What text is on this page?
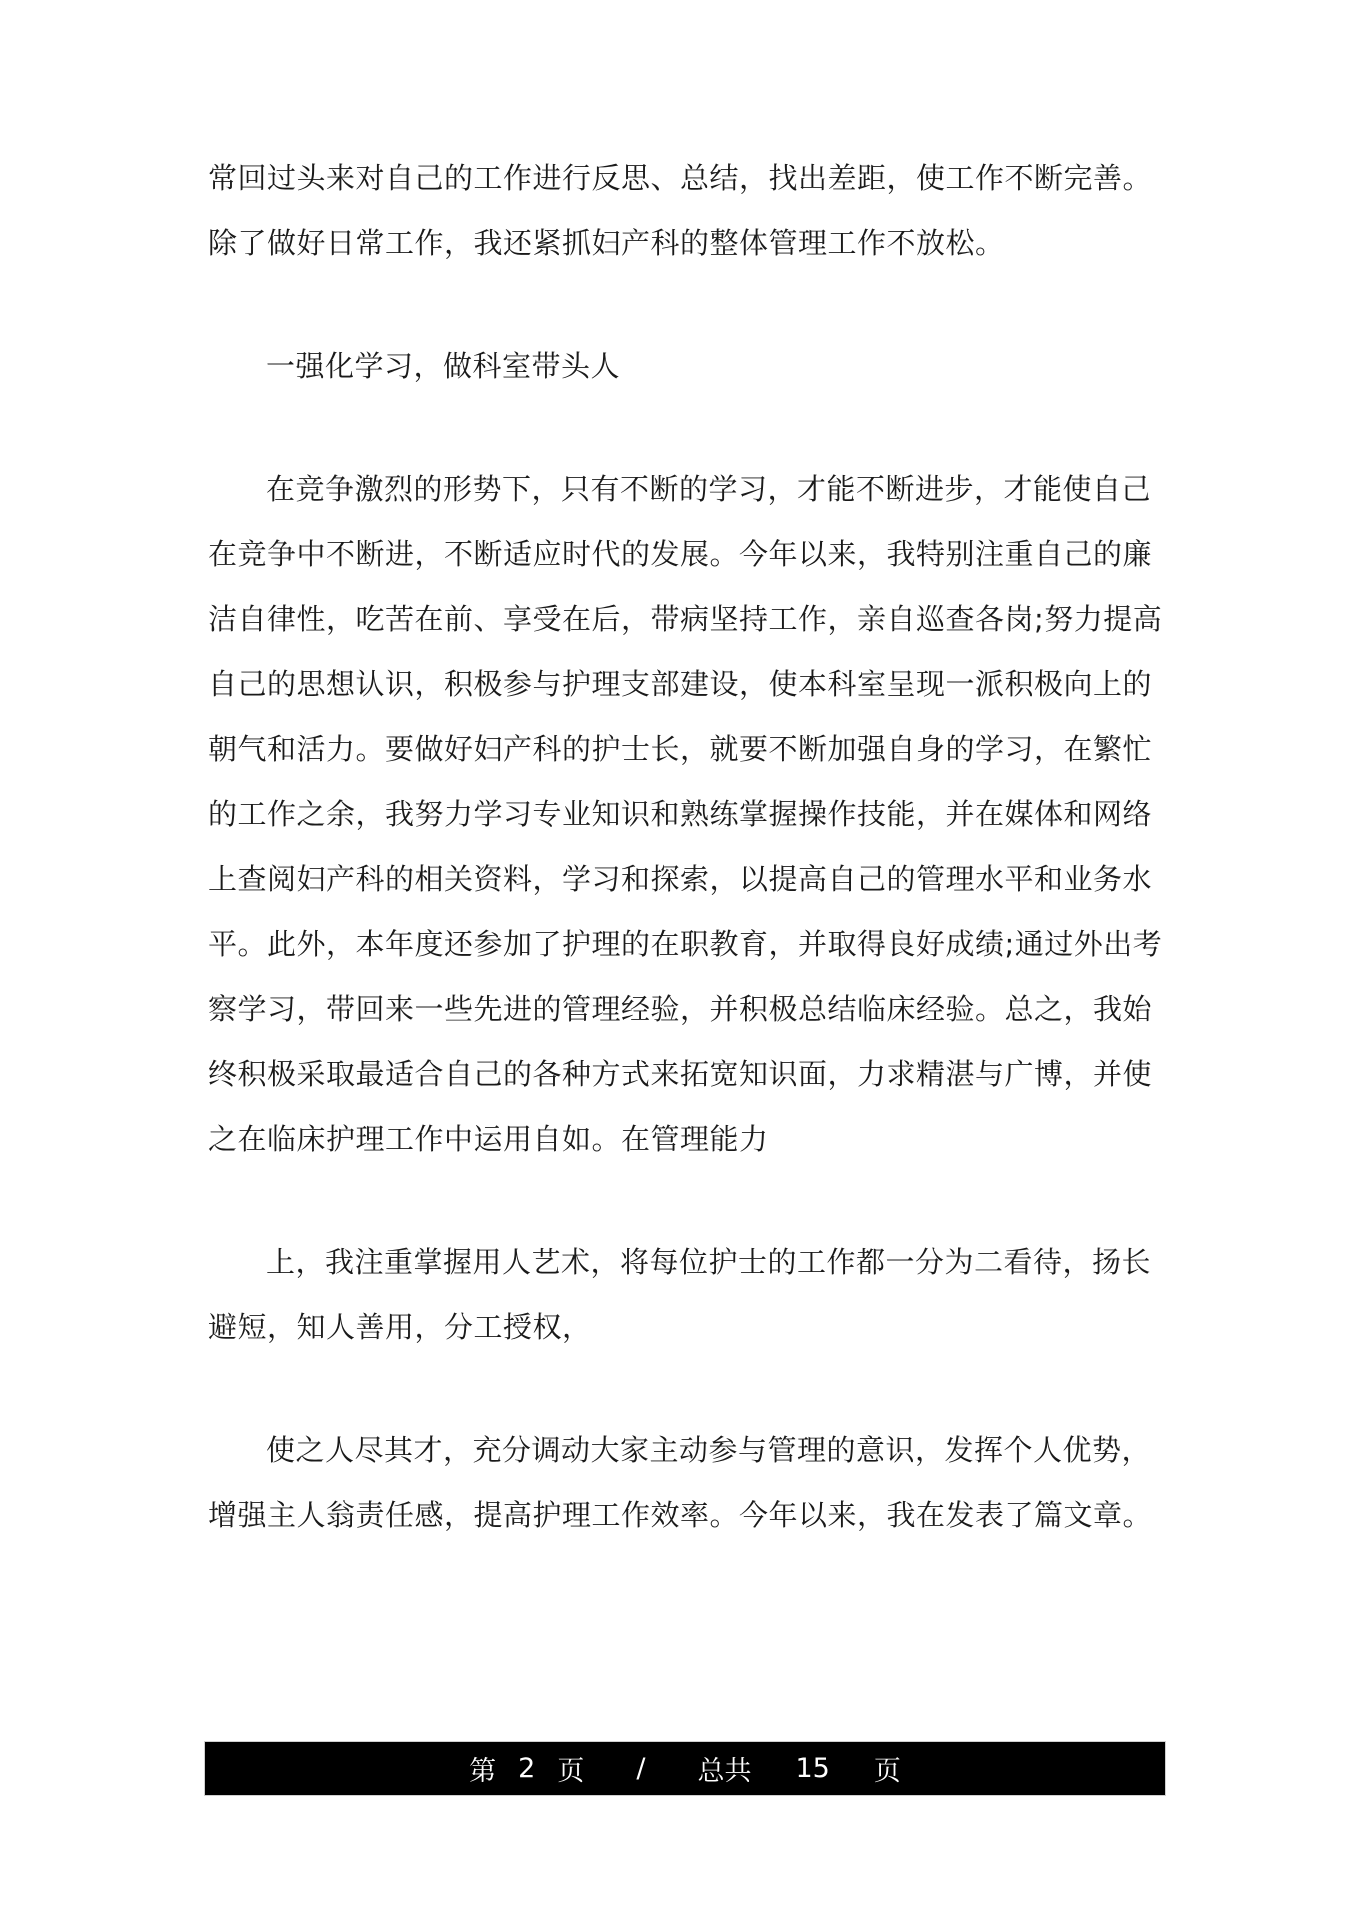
常回过头来对自己的工作进行反思、总结，找出差距，使工作不断完善。除了做好日常工作，我还紧抓妇产科的整体管理工作不放松。

一强化学习，做科室带头人

在竞争激烈的形势下，只有不断的学习，才能不断进步，才能使自己在竞争中不断进，不断适应时代的发展。今年以来，我特别注重自己的廉洁自律性，吃苦在前、享受在后，带病坚持工作，亲自巡查各岗;努力提高自己的思想认识，积极参与护理支部建设，使本科室呈现一派积极向上的朝气和活力。要做好妇产科的护士长，就要不断加强自身的学习，在繁忙的工作之余，我努力学习专业知识和熟练掌握操作技能，并在媒体和网络上查阅妇产科的相关资料，学习和探索，以提高自己的管理水平和业务水平。此外，本年度还参加了护理的在职教育，并取得良好成绩;通过外出考察学习，带回来一些先进的管理经验，并积极总结临床经验。总之，我始终积极采取最适合自己的各种方式来拓宽知识面，力求精湛与广博，并使之在临床护理工作中运用自如。在管理能力

上，我注重掌握用人艺术，将每位护士的工作都一分为二看待，扬长避短，知人善用，分工授权，

使之人尽其才，充分调动大家主动参与管理的意识，发挥个人优势，增强主人翁责任感，提高护理工作效率。今年以来，我在发表了篇文章。

第 2 页 / 总共 15 页
